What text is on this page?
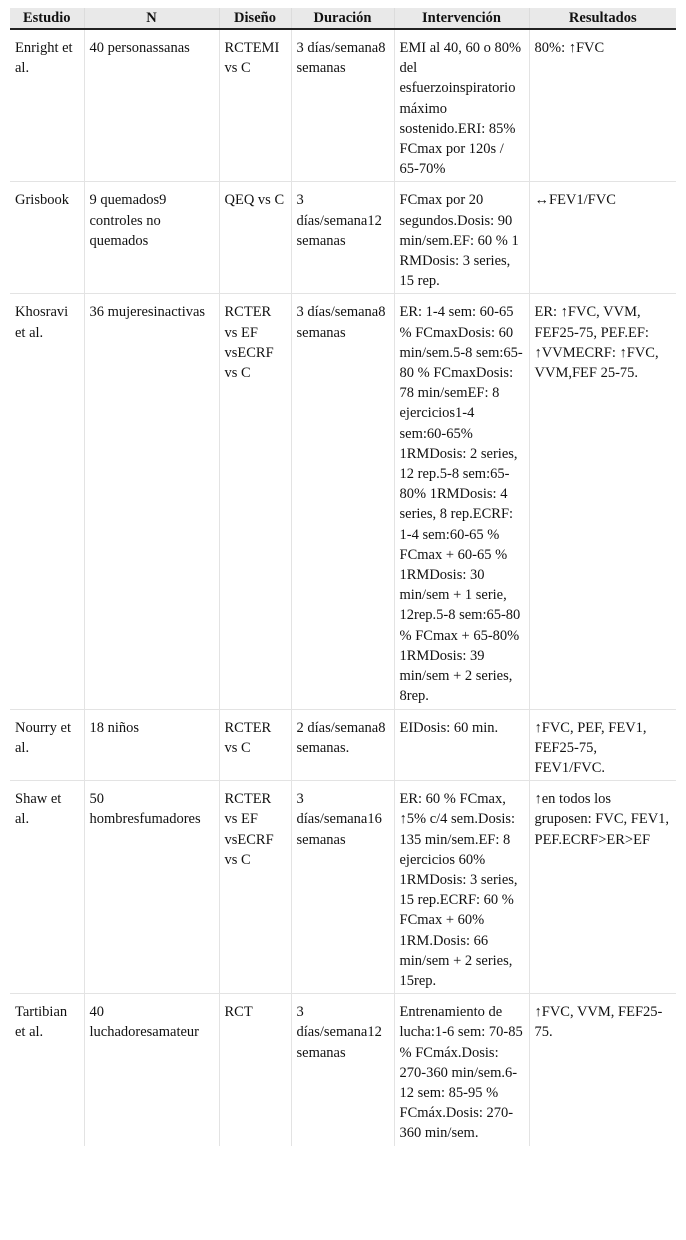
Estudio	N	Diseño	Duración	Intervención	Resultados
Enright et al.	40 personassanas	RCTEMI vs C	3 días/semana8 semanas	EMI al 40, 60 o 80% del esfuerzoinspiratorio máximo sostenido.ERI: 85% FCmax por 120s / 65-70%	80%: ↑FVC
Grisbook	9 quemados9 controles no quemados	QEQ vs C	3 días/semana12 semanas	FCmax por 20 segundos.Dosis: 90 min/sem.EF: 60 % 1 RMDosis: 3 series, 15 rep.	↔FEV1/FVC
Khosravi et al.	36 mujeresinactivas	RCTER vs EF vsECRF vs C	3 días/semana8 semanas	ER: 1-4 sem: 60-65 % FCmaxDosis: 60 min/sem.5-8 sem:65-80 % FCmaxDosis: 78 min/semEF: 8 ejercicios1-4 sem:60-65% 1RMDosis: 2 series, 12 rep.5-8 sem:65-80% 1RMDosis: 4 series, 8 rep.ECRF: 1-4 sem:60-65 % FCmax + 60-65 % 1RMDosis: 30 min/sem + 1 serie, 12rep.5-8 sem:65-80 % FCmax + 65-80% 1RMDosis: 39 min/sem + 2 series, 8rep.	ER: ↑FVC, VVM, FEF25-75, PEF.EF: ↑VVMECRF: ↑FVC, VVM,FEF 25-75.
Nourry et al.	18 niños	RCTER vs C	2 días/semana8 semanas.	EIDosis: 60 min.	↑FVC, PEF, FEV1, FEF25-75, FEV1/FVC.
Shaw et al.	50 hombresfumadores	RCTER vs EF vsECRF vs C	3 días/semana16 semanas	ER: 60 % FCmax, ↑5% c/4 sem.Dosis: 135 min/sem.EF: 8 ejercicios 60% 1RMDosis: 3 series, 15 rep.ECRF: 60 % FCmax + 60% 1RM.Dosis: 66 min/sem + 2 series, 15rep.	↑en todos los gruposen: FVC, FEV1, PEF.ECRF>ER>EF
Tartibian et al.	40 luchadoresamateur	RCT	3 días/semana12 semanas	Entrenamiento de lucha:1-6 sem: 70-85 % FCmáx.Dosis: 270-360 min/sem.6-12 sem: 85-95 % FCmáx.Dosis: 270-360 min/sem.	↑FVC, VVM, FEF25-75.
